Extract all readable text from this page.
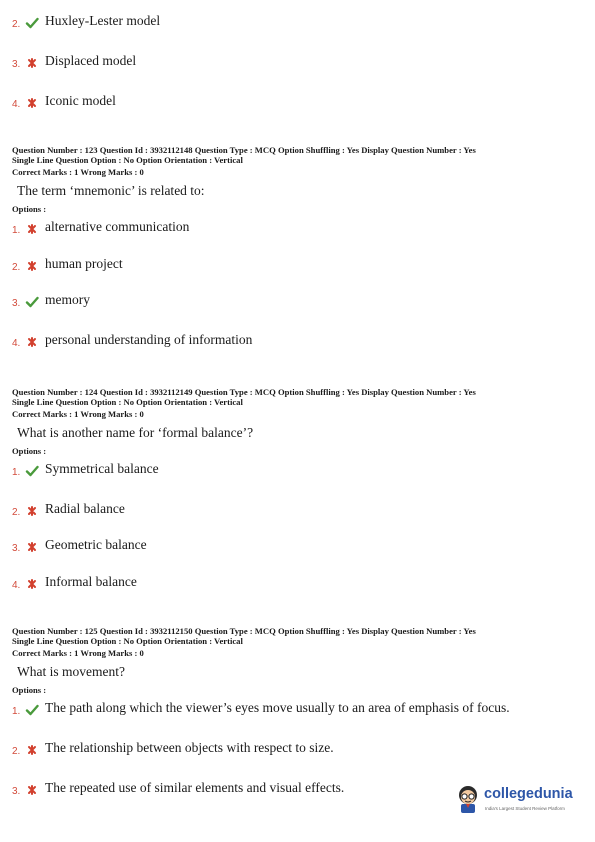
2. Huxley-Lester model
3. Displaced model
4. Iconic model
Question Number : 123 Question Id : 3932112148 Question Type : MCQ Option Shuffling : Yes Display Question Number : Yes
Single Line Question Option : No Option Orientation : Vertical
Correct Marks : 1 Wrong Marks : 0
The term ‘mnemonic’ is related to:
Options :
1. alternative communication
2. human project
3. memory
4. personal understanding of information
Question Number : 124 Question Id : 3932112149 Question Type : MCQ Option Shuffling : Yes Display Question Number : Yes
Single Line Question Option : No Option Orientation : Vertical
Correct Marks : 1 Wrong Marks : 0
What is another name for ‘formal balance’?
Options :
1. Symmetrical balance
2. Radial balance
3. Geometric balance
4. Informal balance
Question Number : 125 Question Id : 3932112150 Question Type : MCQ Option Shuffling : Yes Display Question Number : Yes
Single Line Question Option : No Option Orientation : Vertical
Correct Marks : 1 Wrong Marks : 0
What is movement?
Options :
1. The path along which the viewer’s eyes move usually to an area of emphasis of focus.
2. The relationship between objects with respect to size.
3. The repeated use of similar elements and visual effects.	collegedunia
India's Largest Student Review Platform
